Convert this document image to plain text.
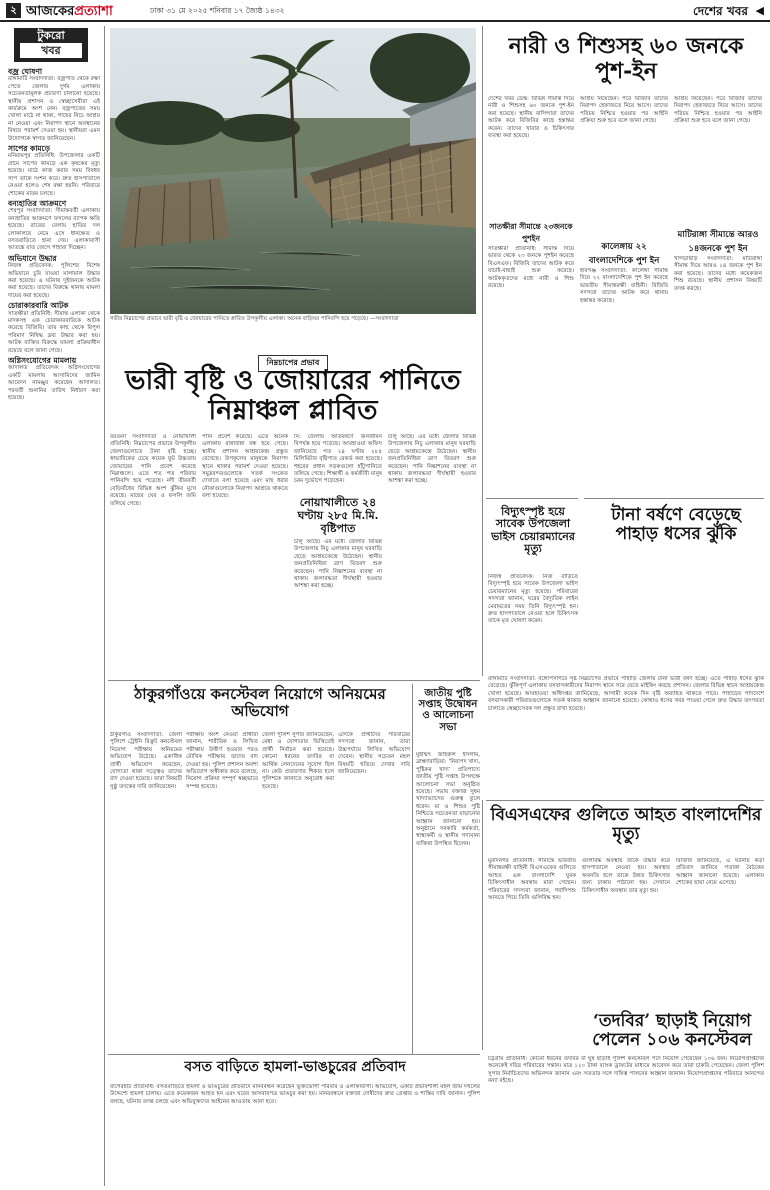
২ আজকেরপ্রত্যাশা	ঢাকা ৩১ মে ২০২৫ শনিবার ১৭ জ্যৈষ্ঠ ১৪৩২	দেশের খবর ◀
টুকরো
খবর
বজ্র ঘোষণা

রাঙ্গামাটি সংবাদদাতা: বজ্রপাত থেকে রক্ষা পেতে জেলার দুর্গম এলাকায় সচেতনতামূলক প্রচারণা চালানো হয়েছে। স্থানীয় প্রশাসন ও স্বেচ্ছাসেবীরা এই কার্যক্রমে অংশ নেন। বজ্রপাতের সময় খোলা মাঠে না থাকা, গাছের নিচে আশ্রয় না নেওয়া এবং নিরাপদ স্থানে অবস্থানের বিষয়ে পরামর্শ দেওয়া হয়। স্থানীয়রা এমন উদ্যোগকে স্বাগত জানিয়েছেন।

সাপের কামড়ে

মনিরামপুর প্রতিনিধি: উপজেলার একটি গ্রামে সাপের কামড়ে এক কৃষকের মৃত্যু হয়েছে। মাঠে কাজ করার সময় বিষধর সাপ তাকে দংশন করে। দ্রুত হাসপাতালে নেওয়া হলেও শেষ রক্ষা হয়নি। পরিবারে শোকের মাতম চলছে।

বন্যহাতির আক্রমণে

শেরপুর সংবাদদাতা: সীমান্তবর্তী এলাকায় বন্যহাতির আক্রমণে ফসলের ব্যাপক ক্ষতি হয়েছে। রাতের বেলায় হাতির দল লোকালয়ে নেমে এসে ধানক্ষেত ও বসতবাড়িতে হানা দেয়। এলাকাবাসী আতঙ্কে রাত জেগে পাহারা দিচ্ছেন।

অভিযানে উদ্ধার

নিজস্ব প্রতিবেদক: পুলিশের বিশেষ অভিযানে চুরি যাওয়া মালামাল উদ্ধার করা হয়েছে। এ ঘটনায় দুইজনকে আটক করা হয়েছে। তাদের বিরুদ্ধে থানায় মামলা দায়ের করা হয়েছে।

চোরাকারবারি আটক

সাতক্ষীরা প্রতিনিধি: সীমান্ত এলাকা থেকে মাদকসহ এক চোরাকারবারিকে আটক করেছে বিজিবি। তার কাছ থেকে বিপুল পরিমাণ নিষিদ্ধ দ্রব্য উদ্ধার করা হয়। আটক ব্যক্তির বিরুদ্ধে মামলা প্রক্রিয়াধীন রয়েছে বলে জানা গেছে।

অগ্নিসংযোগের মামলায়

আদালত প্রতিবেদক: অগ্নিসংযোগের একটি মামলায় আসামিদের জামিন আবেদন নামঞ্জুর করেছেন আদালত। পরবর্তী শুনানির তারিখ নির্ধারণ করা হয়েছে।

গভীর নিম্নচাপের প্রভাবে ভারী বৃষ্টি ও জোয়ারের পানিতে প্লাবিত উপকূলীয় এলাকা। অনেক বাড়িঘর পানিবন্দি হয়ে পড়েছে। —সংবাদদাতা
নিম্নচাপের প্রভাব
ভারী বৃষ্টি ও জোয়ারের পানিতে নিম্নাঞ্চল প্লাবিত
বরগুনা সংবাদদাতা ও নোয়াখালী প্রতিনিধি: নিম্নচাপের প্রভাবে উপকূলীয় জেলাগুলোতে টানা বৃষ্টি হচ্ছে। স্বাভাবিকের চেয়ে কয়েক ফুট উচ্চতায় জোয়ারের পানি প্রবেশ করেছে নিম্নাঞ্চলে। এতে শত শত পরিবার পানিবন্দি হয়ে পড়েছে। নদী তীরবর্তী বেড়িবাঁধের বিভিন্ন অংশ ঝুঁকির মুখে রয়েছে। মাছের ঘের ও ফসলি জমি তলিয়ে গেছে।
পানি প্রবেশ করেছে। এতে অনেক এলাকায় রান্নাবান্না বন্ধ হয়ে গেছে। স্থানীয় প্রশাসন আশ্রয়কেন্দ্র প্রস্তুত রেখেছে। উপকূলের মানুষকে নিরাপদ স্থানে থাকার পরামর্শ দেওয়া হয়েছে। সমুদ্রবন্দরগুলোকে সতর্ক সংকেত দেখাতে বলা হয়েছে এবং মাছ ধরার নৌকাগুলোকে নিরাপদ আশ্রয়ে থাকতে বলা হয়েছে।
নি: জেলায় অতিবর্ষণে জনজীবন বিপর্যস্ত হয়ে পড়েছে। আবহাওয়া অফিস জানিয়েছে গত ২৪ ঘণ্টায় ২৮৫ মিলিমিটার বৃষ্টিপাত রেকর্ড করা হয়েছে। শহরের প্রধান সড়কগুলো হাঁটুপানিতে তলিয়ে গেছে। শিক্ষার্থী ও কর্মজীবী মানুষ চরম দুর্ভোগে পড়েছেন।
নোয়াখালীতে ২৪ ঘণ্টায় ২৮৫ মি.মি. বৃষ্টিপাত
চালু আছে। এর মধ্যে জেলার বিভিন্ন উপজেলায় নিচু এলাকার মানুষ ঘরবাড়ি ছেড়ে আশ্রয়কেন্দ্রে উঠেছেন। স্থানীয় জনপ্রতিনিধিরা ত্রাণ বিতরণ শুরু করেছেন। পানি নিষ্কাশনের ব্যবস্থা না থাকায় জলাবদ্ধতা দীর্ঘস্থায়ী হওয়ার আশঙ্কা করা হচ্ছে।
চালু আছে। এর মধ্যে জেলার বিভিন্ন উপজেলায় নিচু এলাকার মানুষ ঘরবাড়ি ছেড়ে আশ্রয়কেন্দ্রে উঠেছেন। স্থানীয় জনপ্রতিনিধিরা ত্রাণ বিতরণ শুরু করেছেন। পানি নিষ্কাশনের ব্যবস্থা না থাকায় জলাবদ্ধতা দীর্ঘস্থায়ী হওয়ার আশঙ্কা করা হচ্ছে।
নারী ও শিশুসহ ৬০ জনকে পুশ-ইন
দেশের খবর ডেস্ক: বিভিন্ন সীমান্ত দিয়ে নারী ও শিশুসহ ৬০ জনকে পুশ-ইন করা হয়েছে। স্থানীয় বাসিন্দারা তাদের আটক করে বিজিবির কাছে হস্তান্তর করেন। তাদের খাবার ও চিকিৎসার ব্যবস্থা করা হয়েছে।
সাতক্ষীরা সীমান্তে ২৩জনকে পুশইন
সাতক্ষীরা প্রতিনিধি: সীমান্ত দিয়ে ভারত থেকে ২৩ জনকে পুশইন করেছে বিএসএফ। বিজিবি তাদের আটক করে যাচাই-বাছাই শুরু করেছে। আটককৃতদের মধ্যে নারী ও শিশু রয়েছে।
আশ্রয় নিয়েছেন। পরে বিজিবি তাদের নিরাপদ হেফাজতে নিয়ে আসে। তাদের পরিচয় নিশ্চিত হওয়ার পর আইনি প্রক্রিয়া শুরু হবে বলে জানা গেছে।
কালেঙ্গায় ২২ বাংলাদেশিকে পুশ ইন
হবিগঞ্জ সংবাদদাতা: কালেঙ্গা সীমান্ত দিয়ে ২২ বাংলাদেশিকে পুশ ইন করেছে ভারতীয় সীমান্তরক্ষী বাহিনী। বিজিবি সদস্যরা তাদের আটক করে থানায় হস্তান্তর করেছে।
আশ্রয় নিয়েছেন। পরে বিজিবি তাদের নিরাপদ হেফাজতে নিয়ে আসে। তাদের পরিচয় নিশ্চিত হওয়ার পর আইনি প্রক্রিয়া শুরু হবে বলে জানা গেছে।
মাটিরাঙ্গা সীমান্তে আরও ১৪জনকে পুশ ইন
খাগড়াছড়ি সংবাদদাতা: মাটিরাঙ্গা সীমান্ত দিয়ে আরও ১৪ জনকে পুশ ইন করা হয়েছে। তাদের মধ্যে কয়েকজন শিশু রয়েছে। স্থানীয় প্রশাসন বিষয়টি তদন্ত করছে।
বিদ্যুৎস্পৃষ্ট হয়ে সাবেক উপজেলা ভাইস চেয়ারম্যানের মৃত্যু
নিজস্ব প্রতিবেদক: নিজ বাড়িতে বিদ্যুৎস্পৃষ্ট হয়ে সাবেক উপজেলা ভাইস চেয়ারম্যানের মৃত্যু হয়েছে। পরিবারের সদস্যরা জানান, ঘরের বৈদ্যুতিক লাইন মেরামতের সময় তিনি বিদ্যুৎস্পৃষ্ট হন। দ্রুত হাসপাতালে নেওয়া হলে চিকিৎসক তাকে মৃত ঘোষণা করেন।
টানা বর্ষণে বেড়েছে পাহাড় ধসের ঝুঁকি
রাঙ্গামাটি সংবাদদাতা: বঙ্গোপসাগরে সৃষ্ট নিম্নচাপের প্রভাবে পাহাড়ি জেলায় টানা ভারী বর্ষণ হচ্ছে। এতে পাহাড় ধসের ঝুঁকি বেড়েছে। ঝুঁকিপূর্ণ এলাকায় বসবাসকারীদের নিরাপদ স্থানে সরে যেতে মাইকিং করছে প্রশাসন। জেলার বিভিন্ন স্থানে আশ্রয়কেন্দ্র খোলা হয়েছে। আবহাওয়া অধিদপ্তর জানিয়েছে, আগামী কয়েক দিন বৃষ্টি অব্যাহত থাকতে পারে। পাহাড়ের পাদদেশে বসবাসকারী পরিবারগুলোকে সতর্ক থাকার আহ্বান জানানো হয়েছে। কোথাও ধসের খবর পাওয়া গেলে দ্রুত উদ্ধার তৎপরতা চালাতে স্বেচ্ছাসেবক দল প্রস্তুত রাখা হয়েছে।
ঠাকুরগাঁওয়ে কনস্টেবল নিয়োগে অনিয়মের অভিযোগ
ঠাকুরগাঁও সংবাদদাতা: জেলা পুলিশে ট্রেইনি রিক্রুট কনস্টেবল নিয়োগ পরীক্ষায় অনিয়মের অভিযোগ উঠেছে। একাধিক প্রার্থী অভিযোগ করেছেন, যোগ্যতা থাকা সত্ত্বেও তাদের বাদ দেওয়া হয়েছে। তারা বিষয়টি সুষ্ঠু তদন্তের দাবি জানিয়েছেন।
পরীক্ষায় অংশ নেওয়া প্রার্থীরা জানান, শারীরিক ও লিখিত পরীক্ষায় উত্তীর্ণ হওয়ার পরও মৌখিক পরীক্ষায় তাদের বাদ দেওয়া হয়। পুলিশ প্রশাসন অবশ্য অভিযোগ অস্বীকার করে বলেছে, নিয়োগ প্রক্রিয়া সম্পূর্ণ স্বচ্ছভাবে সম্পন্ন হয়েছে।
জেলা পুলিশ সুপার জানিয়েছেন, মেধা ও যোগ্যতার ভিত্তিতেই প্রার্থী নির্বাচন করা হয়েছে। কোনো ধরনের তদবির বা আর্থিক লেনদেনের সুযোগ ছিল না। কেউ প্রতারণার শিকার হলে পুলিশকে জানাতে অনুরোধ করা হয়েছে।
এদিকে প্রার্থীদের পরিবারের সদস্যরা জানান, তারা উচ্চপর্যায়ে লিখিত অভিযোগ দেবেন। স্থানীয় সচেতন মহল বিষয়টি খতিয়ে দেখার দাবি জানিয়েছেন।
জাতীয় পুষ্টি সপ্তাহ উদ্বোধন ও আলোচনা সভা
মুহাম্মদ জহিরুল ইসলাম, ব্রাহ্মণবাড়িয়া: ‘নিরাপদ খাদ্য, পুষ্টিকর খাদ্য’ প্রতিপাদ্যে জাতীয় পুষ্টি সপ্তাহ উপলক্ষে আলোচনা সভা অনুষ্ঠিত হয়েছে। সভায় বক্তারা সুষম খাদ্যাভ্যাসের গুরুত্ব তুলে ধরেন। মা ও শিশুর পুষ্টি নিশ্চিতে সচেতনতা বাড়ানোর আহ্বান জানানো হয়। অনুষ্ঠানে সরকারি কর্মকর্তা, স্বাস্থ্যকর্মী ও স্থানীয় গণ্যমান্য ব্যক্তিরা উপস্থিত ছিলেন।
বিএসএফের গুলিতে আহত বাংলাদেশির মৃত্যু
মুরাদনগর প্রতিনিধি: সীমান্তে ভারতীয় সীমান্তরক্ষী বাহিনী বিএসএফের গুলিতে আহত এক বাংলাদেশি যুবক চিকিৎসাধীন অবস্থায় মারা গেছেন। পরিবারের সদস্যরা জানান, গবাদিপশু আনতে গিয়ে তিনি গুলিবিদ্ধ হন।
গুলিবিদ্ধ অবস্থায় তাকে উদ্ধার করে হাসপাতালে নেওয়া হয়। অবস্থার অবনতি হলে তাকে উন্নত চিকিৎসার জন্য ঢাকায় পাঠানো হয়। সেখানে চিকিৎসাধীন অবস্থায় তার মৃত্যু হয়।
বিজিবি জানিয়েছে, এ ঘটনায় কড়া প্রতিবাদ জানিয়ে পতাকা বৈঠকের আহ্বান জানানো হয়েছে। এলাকায় শোকের ছায়া নেমে এসেছে।
‘তদবির’ ছাড়াই নিয়োগ পেলেন ১০৬ কনস্টেবল
চট্টগ্রাম প্রতিনিধি: কোনো ধরনের তদবির বা ঘুষ ছাড়াই পুলিশ কনস্টেবল পদে নিয়োগ পেয়েছেন ১০৬ জন। নিয়োগপ্রাপ্তদের অনেকেই দরিদ্র পরিবারের সন্তান। মাত্র ১২০ টাকা ব্যাংক ড্রাফটের মাধ্যমে আবেদন করে তারা চাকরি পেয়েছেন। জেলা পুলিশ সুপার নির্বাচিতদের অভিনন্দন জানান এবং সততার সঙ্গে দায়িত্ব পালনের আহ্বান জানান। নিয়োগপ্রাপ্তদের পরিবারে আনন্দের বন্যা বইছে।
বসত বাড়িতে হামলা-ভাঙচুরের প্রতিবাদ
বাগেরহাট প্রতিনিধি: বসতবাড়িতে হামলা ও ভাঙচুরের প্রতিবাদে মানববন্ধন করেছেন ভুক্তভোগী পরিবার ও এলাকাবাসী। অভিযোগ, একটি প্রভাবশালী মহল জমি দখলের উদ্দেশ্যে হামলা চালায়। এতে কয়েকজন আহত হন এবং ঘরের আসবাবপত্র ভাঙচুর করা হয়। মানববন্ধনে বক্তারা দোষীদের দ্রুত গ্রেপ্তার ও শাস্তির দাবি জানান। পুলিশ বলছে, ঘটনার তদন্ত চলছে এবং অভিযুক্তদের আইনের আওতায় আনা হবে।
